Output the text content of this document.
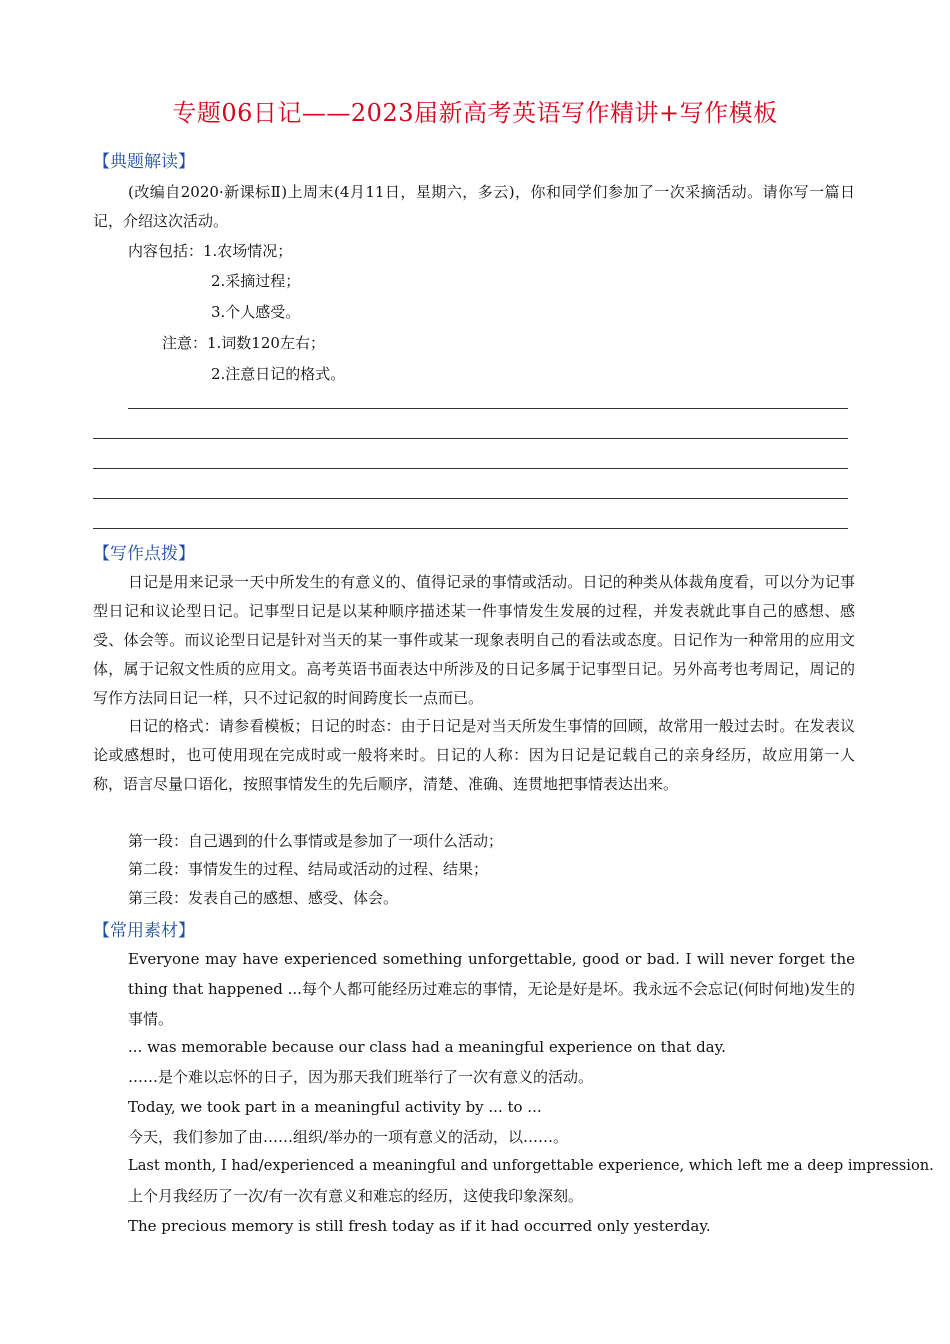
专题06日记——2023届新高考英语写作精讲+写作模板
【典题解读】
(改编自2020·新课标Ⅱ)上周末(4月11日，星期六，多云)，你和同学们参加了一次采摘活动。请你写一篇日记，介绍这次活动。
内容包括：1.农场情况；
2.采摘过程；
3.个人感受。
注意：1.词数120左右；
2.注意日记的格式。
【写作点拨】
日记是用来记录一天中所发生的有意义的、值得记录的事情或活动。日记的种类从体裁角度看，可以分为记事型日记和议论型日记。记事型日记是以某种顺序描述某一件事情发生发展的过程，并发表就此事自己的感想、感受、体会等。而议论型日记是针对当天的某一事件或某一现象表明自己的看法或态度。日记作为一种常用的应用文体，属于记叙文性质的应用文。高考英语书面表达中所涉及的日记多属于记事型日记。另外高考也考周记，周记的写作方法同日记一样，只不过记叙的时间跨度长一点而已。
日记的格式：请参看模板；日记的时态：由于日记是对当天所发生事情的回顾，故常用一般过去时。在发表议论或感想时，也可使用现在完成时或一般将来时。日记的人称：因为日记是记载自己的亲身经历，故应用第一人称，语言尽量口语化，按照事情发生的先后顺序，清楚、准确、连贯地把事情表达出来。
第一段：自己遇到的什么事情或是参加了一项什么活动；
第二段：事情发生的过程、结局或活动的过程、结果；
第三段：发表自己的感想、感受、体会。
【常用素材】
Everyone may have experienced something unforgettable, good or bad. I will never forget the thing that happened ...每个人都可能经历过难忘的事情，无论是好是坏。我永远不会忘记(何时何地)发生的事情。
... was memorable because our class had a meaningful experience on that day.
……是个难以忘怀的日子，因为那天我们班举行了一次有意义的活动。
Today, we took part in a meaningful activity by ... to ...
今天，我们参加了由……组织/举办的一项有意义的活动，以……。
Last month, I had/experienced a meaningful and unforgettable experience, which left me a deep impression.
上个月我经历了一次/有一次有意义和难忘的经历，这使我印象深刻。
The precious memory is still fresh today as if it had occurred only yesterday.
